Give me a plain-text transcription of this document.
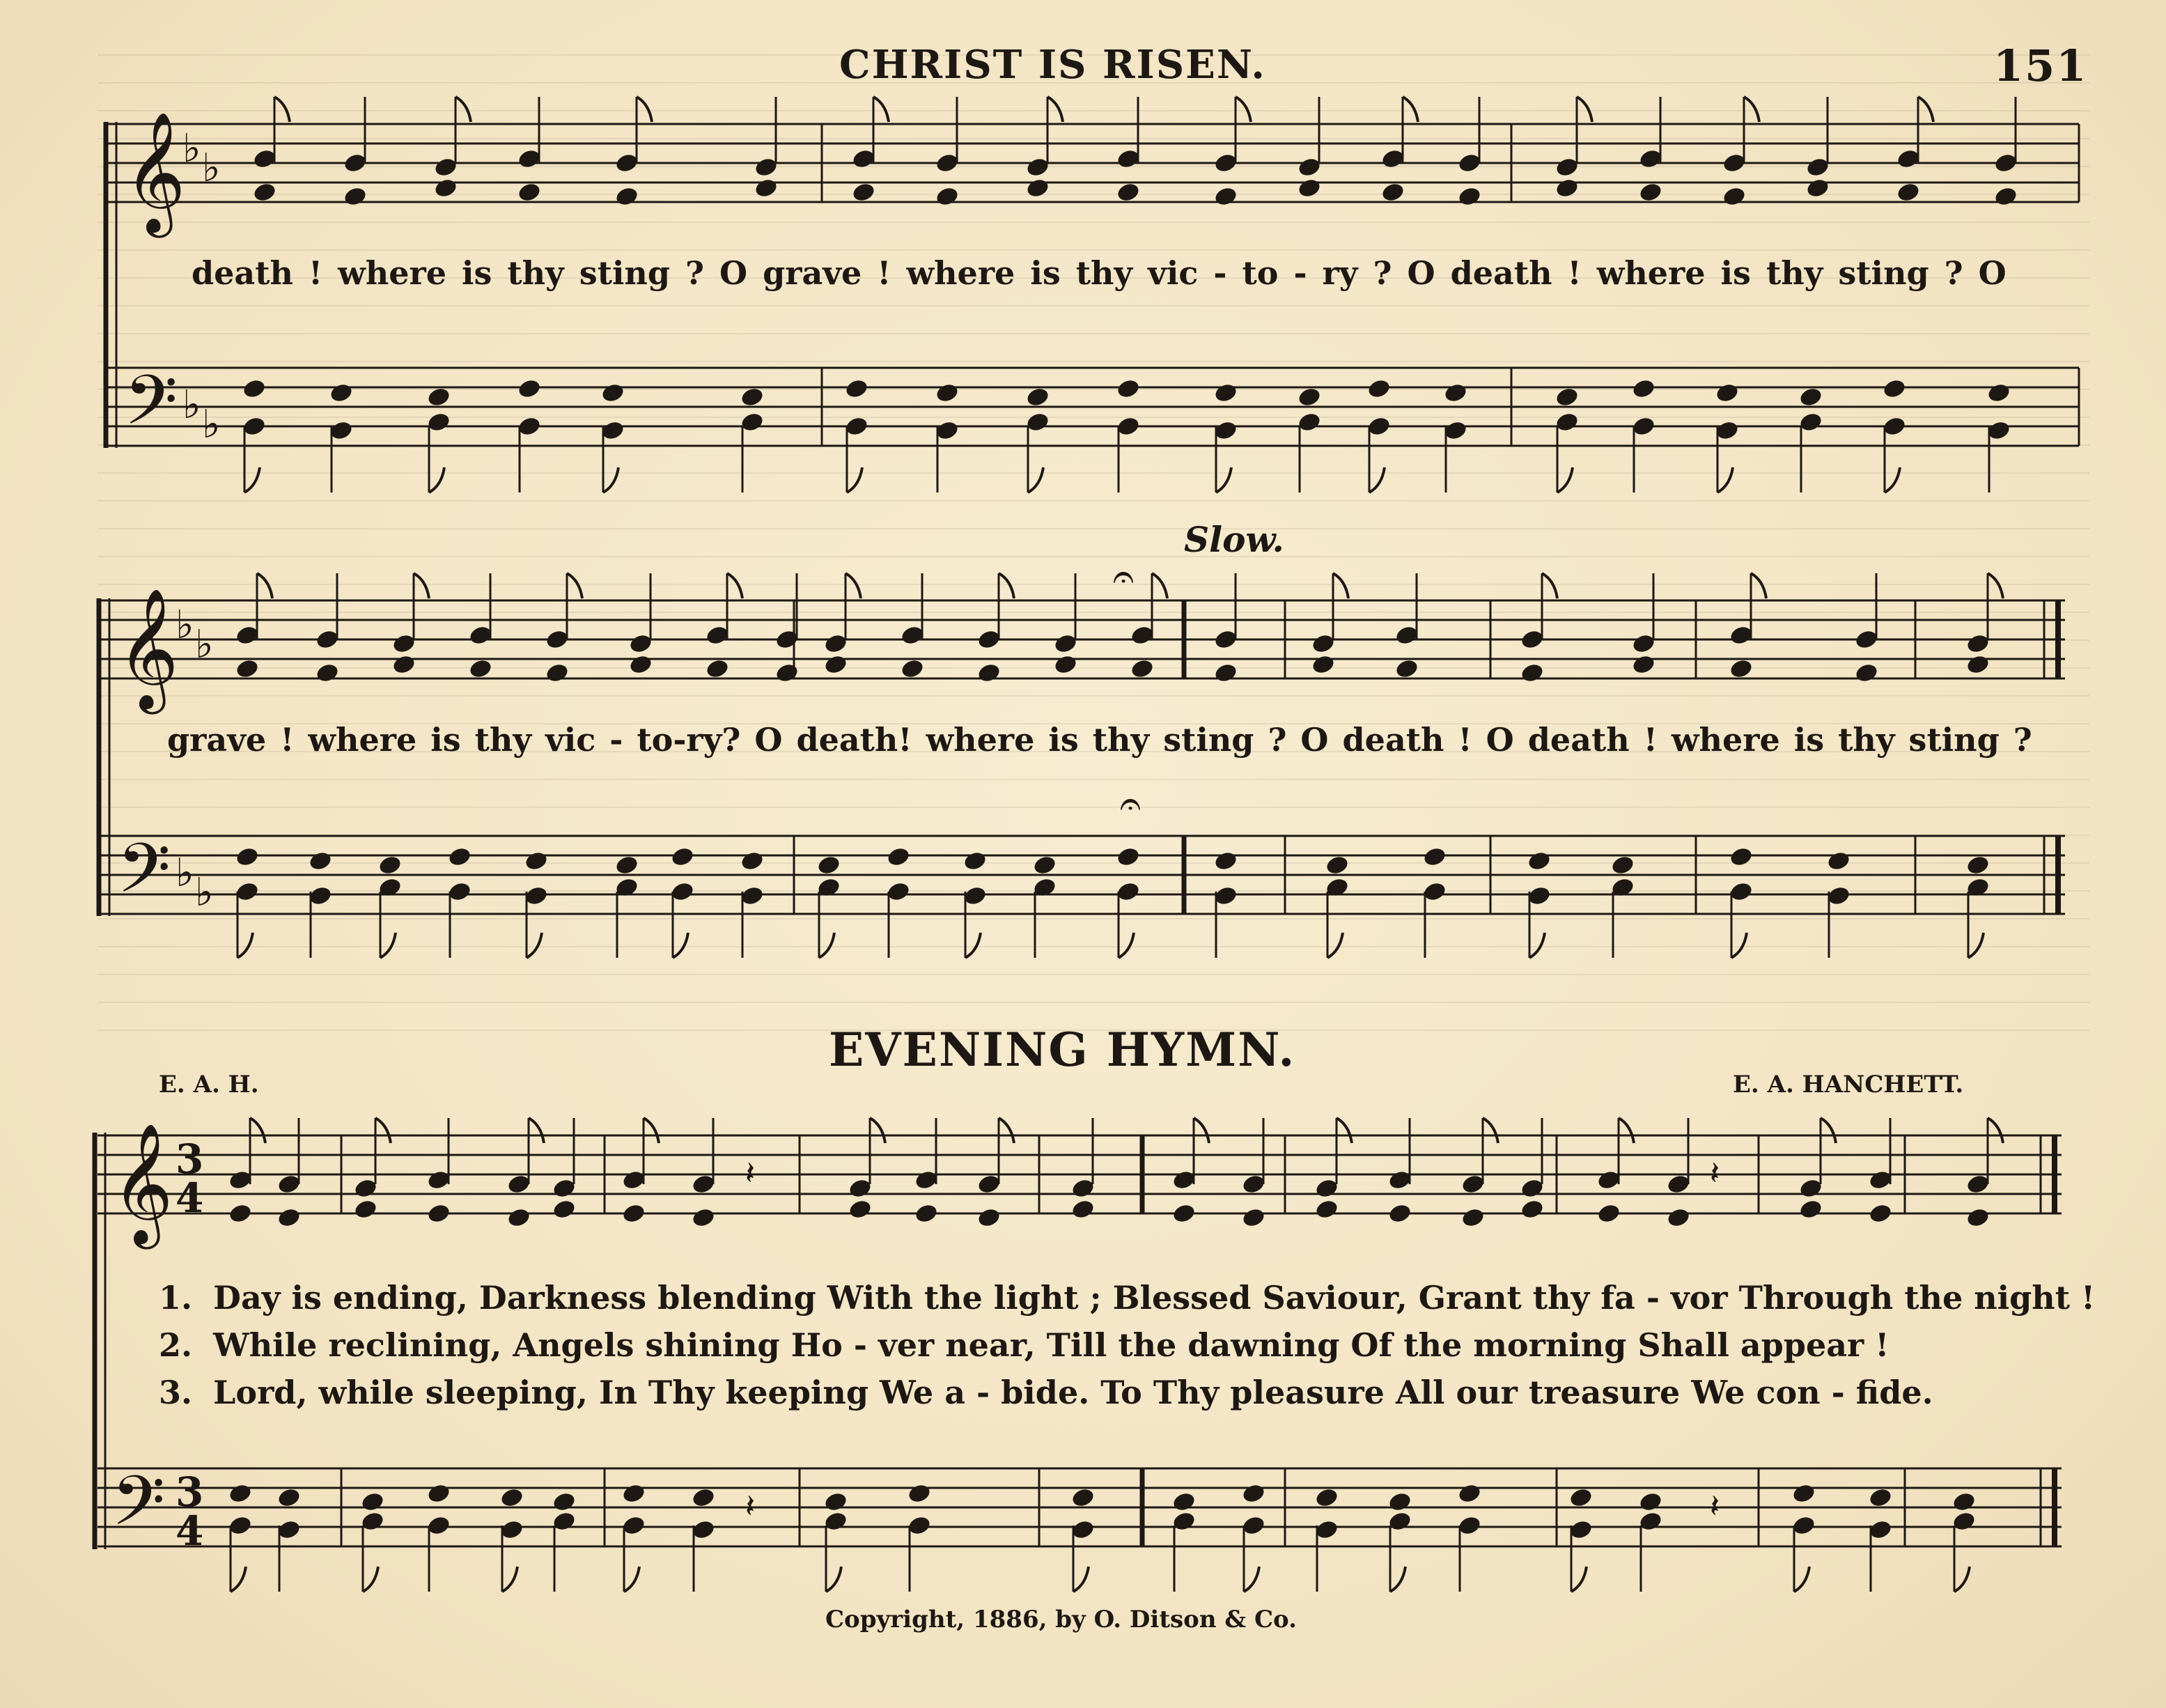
CHRIST IS RISEN.	151
𝄞
𝄢
♭ ♭
♭ ♭
death ! where is thy sting ? O grave ! where is thy vic - to - ry ? O death ! where is thy sting ? O
Slow.
𝄞
𝄢
♭ ♭
♭ ♭
𝄐
𝄐
grave ! where is thy vic - to-ry? O death! where is thy sting ? O death ! O death ! where is thy sting ?
EVENING HYMN.
E. A. H.	E. A. HANCHETT.
𝄞
𝄢
3
4
3
4
𝄽	𝄽
𝄽	𝄽
1. Day is ending, Darkness blending With the light ; Blessed Saviour, Grant thy fa - vor Through the night !
2. While reclining, Angels shining Ho - ver near, Till the dawning Of the morning Shall appear !
3. Lord, while sleeping, In Thy keeping We a - bide. To Thy pleasure All our treasure We con - fide.
Copyright, 1886, by O. Ditson & Co.
